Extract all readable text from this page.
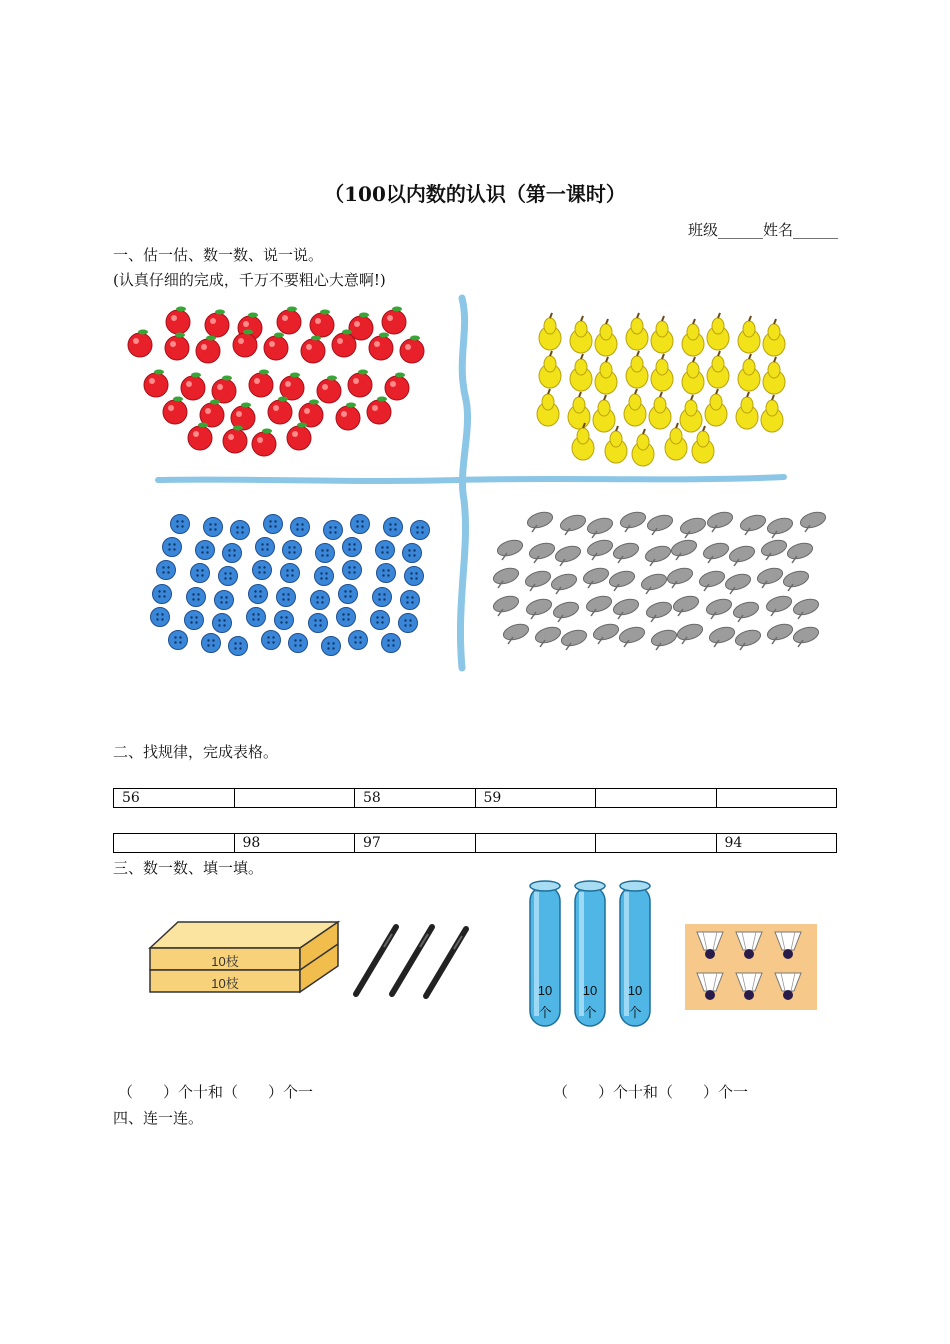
（100以内数的认识（第一课时）
班级______姓名______
一、估一估、数一数、说一说。
(认真仔细的完成，千万不要粗心大意啊!)
10枝
10枝	10
个
10
个
10
个
二、找规律，完成表格。
56		58	59		
	98	97			94
三、数一数、填一填。
（　　）个十和（　　）个一	（　　）个十和（　　）个一
四、连一连。
